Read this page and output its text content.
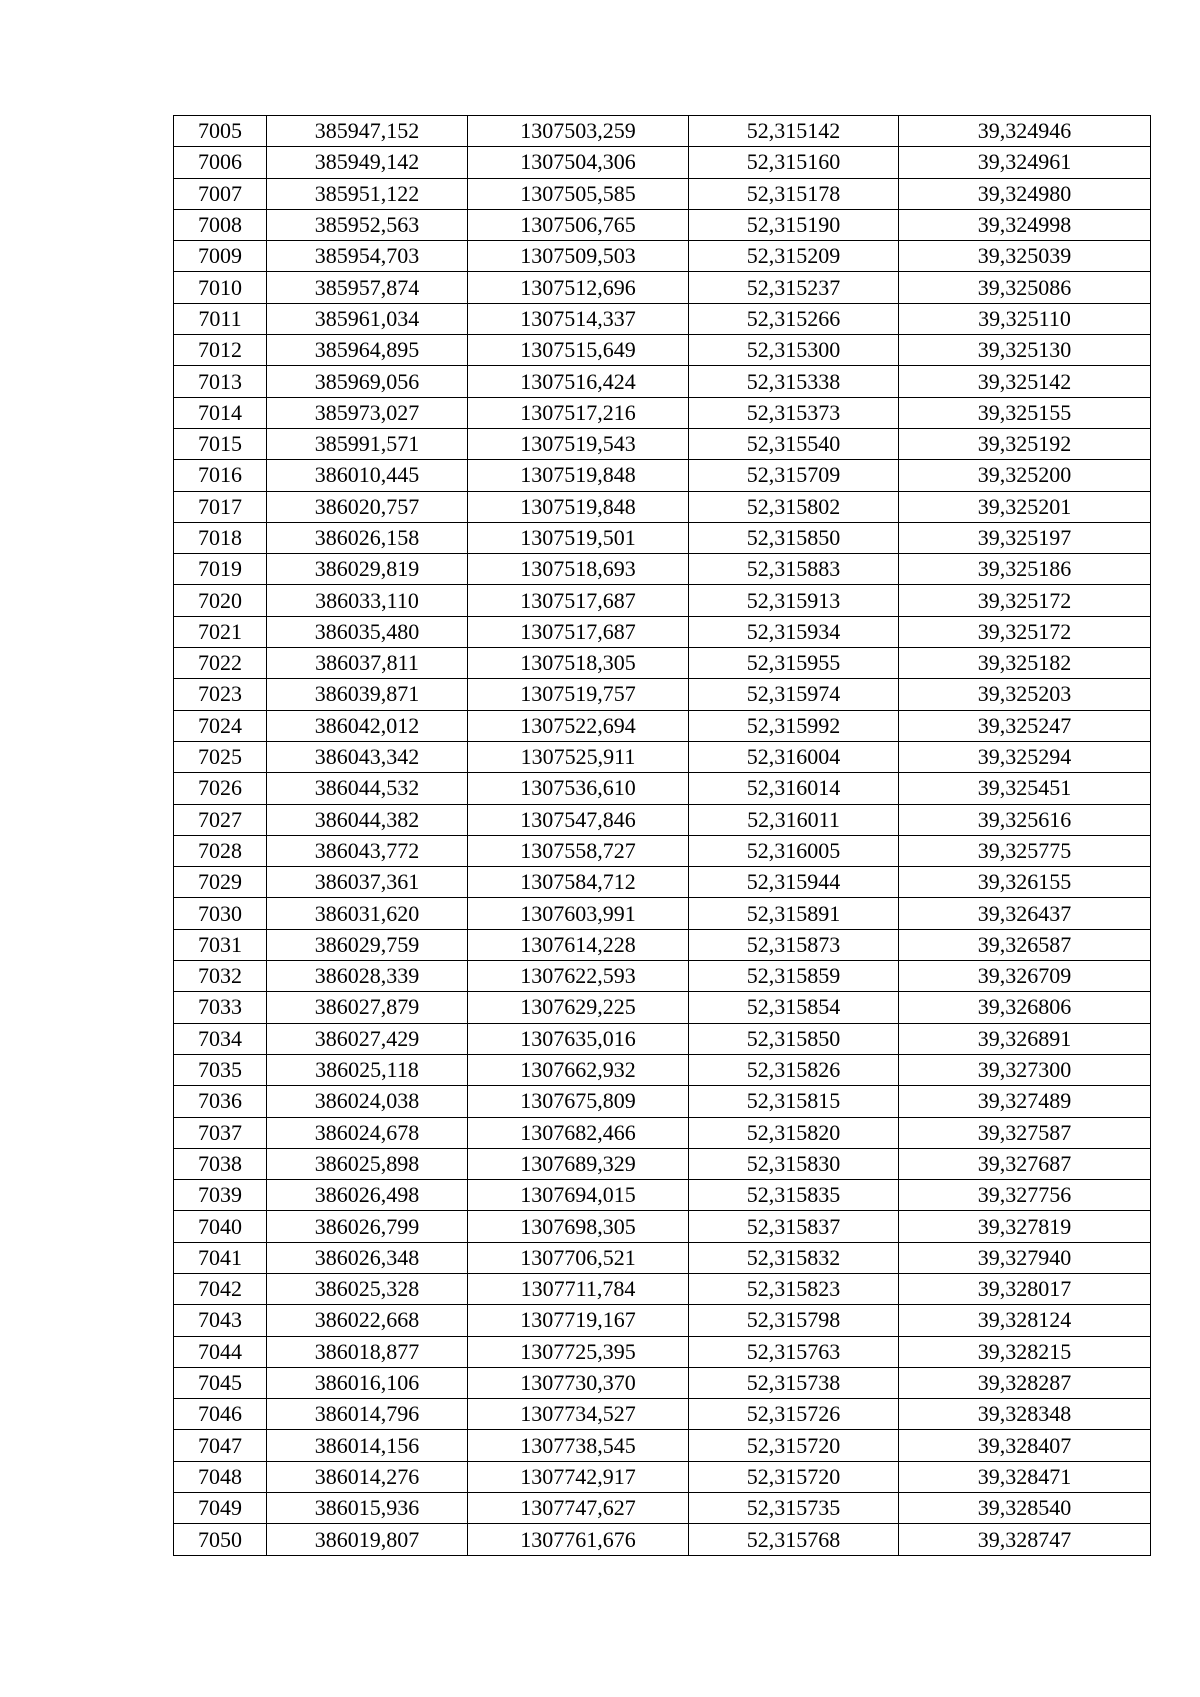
7005	385947,152	1307503,259	52,315142	39,324946
7006	385949,142	1307504,306	52,315160	39,324961
7007	385951,122	1307505,585	52,315178	39,324980
7008	385952,563	1307506,765	52,315190	39,324998
7009	385954,703	1307509,503	52,315209	39,325039
7010	385957,874	1307512,696	52,315237	39,325086
7011	385961,034	1307514,337	52,315266	39,325110
7012	385964,895	1307515,649	52,315300	39,325130
7013	385969,056	1307516,424	52,315338	39,325142
7014	385973,027	1307517,216	52,315373	39,325155
7015	385991,571	1307519,543	52,315540	39,325192
7016	386010,445	1307519,848	52,315709	39,325200
7017	386020,757	1307519,848	52,315802	39,325201
7018	386026,158	1307519,501	52,315850	39,325197
7019	386029,819	1307518,693	52,315883	39,325186
7020	386033,110	1307517,687	52,315913	39,325172
7021	386035,480	1307517,687	52,315934	39,325172
7022	386037,811	1307518,305	52,315955	39,325182
7023	386039,871	1307519,757	52,315974	39,325203
7024	386042,012	1307522,694	52,315992	39,325247
7025	386043,342	1307525,911	52,316004	39,325294
7026	386044,532	1307536,610	52,316014	39,325451
7027	386044,382	1307547,846	52,316011	39,325616
7028	386043,772	1307558,727	52,316005	39,325775
7029	386037,361	1307584,712	52,315944	39,326155
7030	386031,620	1307603,991	52,315891	39,326437
7031	386029,759	1307614,228	52,315873	39,326587
7032	386028,339	1307622,593	52,315859	39,326709
7033	386027,879	1307629,225	52,315854	39,326806
7034	386027,429	1307635,016	52,315850	39,326891
7035	386025,118	1307662,932	52,315826	39,327300
7036	386024,038	1307675,809	52,315815	39,327489
7037	386024,678	1307682,466	52,315820	39,327587
7038	386025,898	1307689,329	52,315830	39,327687
7039	386026,498	1307694,015	52,315835	39,327756
7040	386026,799	1307698,305	52,315837	39,327819
7041	386026,348	1307706,521	52,315832	39,327940
7042	386025,328	1307711,784	52,315823	39,328017
7043	386022,668	1307719,167	52,315798	39,328124
7044	386018,877	1307725,395	52,315763	39,328215
7045	386016,106	1307730,370	52,315738	39,328287
7046	386014,796	1307734,527	52,315726	39,328348
7047	386014,156	1307738,545	52,315720	39,328407
7048	386014,276	1307742,917	52,315720	39,328471
7049	386015,936	1307747,627	52,315735	39,328540
7050	386019,807	1307761,676	52,315768	39,328747
